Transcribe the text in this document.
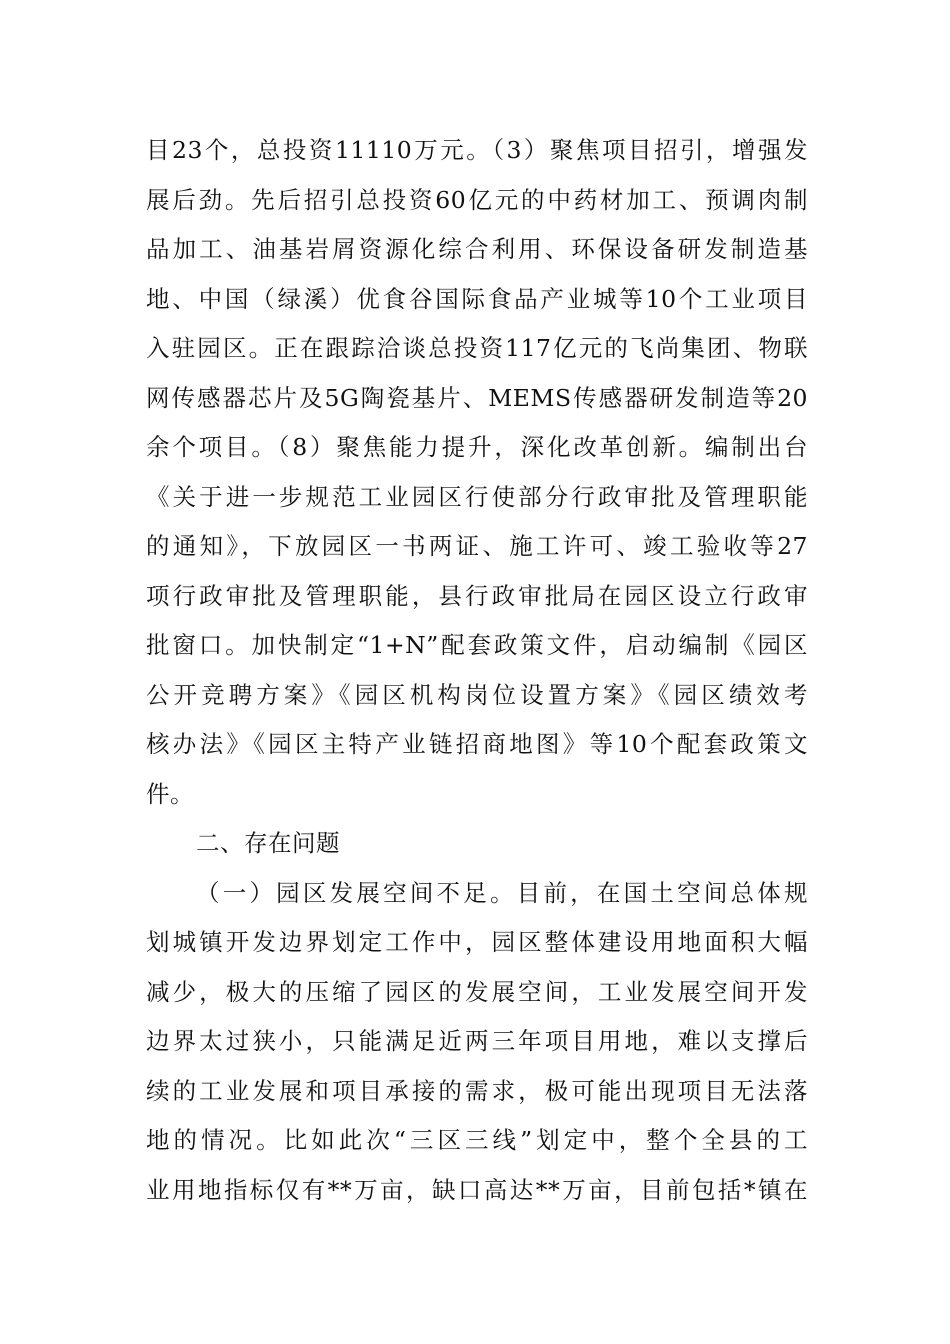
目23个，总投资11110万元。（3）聚焦项目招引，增强发
展后劲。先后招引总投资60亿元的中药材加工、预调肉制
品加工、油基岩屑资源化综合利用、环保设备研发制造基
地、中国（绿溪）优食谷国际食品产业城等10个工业项目
入驻园区。正在跟踪洽谈总投资117亿元的飞尚集团、物联
网传感器芯片及5G陶瓷基片、MEMS传感器研发制造等20
余个项目。（8）聚焦能力提升，深化改革创新。编制出台
《关于进一步规范工业园区行使部分行政审批及管理职能
的通知》，下放园区一书两证、施工许可、竣工验收等27
项行政审批及管理职能，县行政审批局在园区设立行政审
批窗口。加快制定“1+N”配套政策文件，启动编制《园区
公开竞聘方案》《园区机构岗位设置方案》《园区绩效考
核办法》《园区主特产业链招商地图》等10个配套政策文
件。
二、存在问题
（一）园区发展空间不足。目前，在国土空间总体规
划城镇开发边界划定工作中，园区整体建设用地面积大幅
减少，极大的压缩了园区的发展空间，工业发展空间开发
边界太过狭小，只能满足近两三年项目用地，难以支撑后
续的工业发展和项目承接的需求，极可能出现项目无法落
地的情况。比如此次“三区三线”划定中，整个全县的工
业用地指标仅有**万亩，缺口高达**万亩，目前包括*镇在
